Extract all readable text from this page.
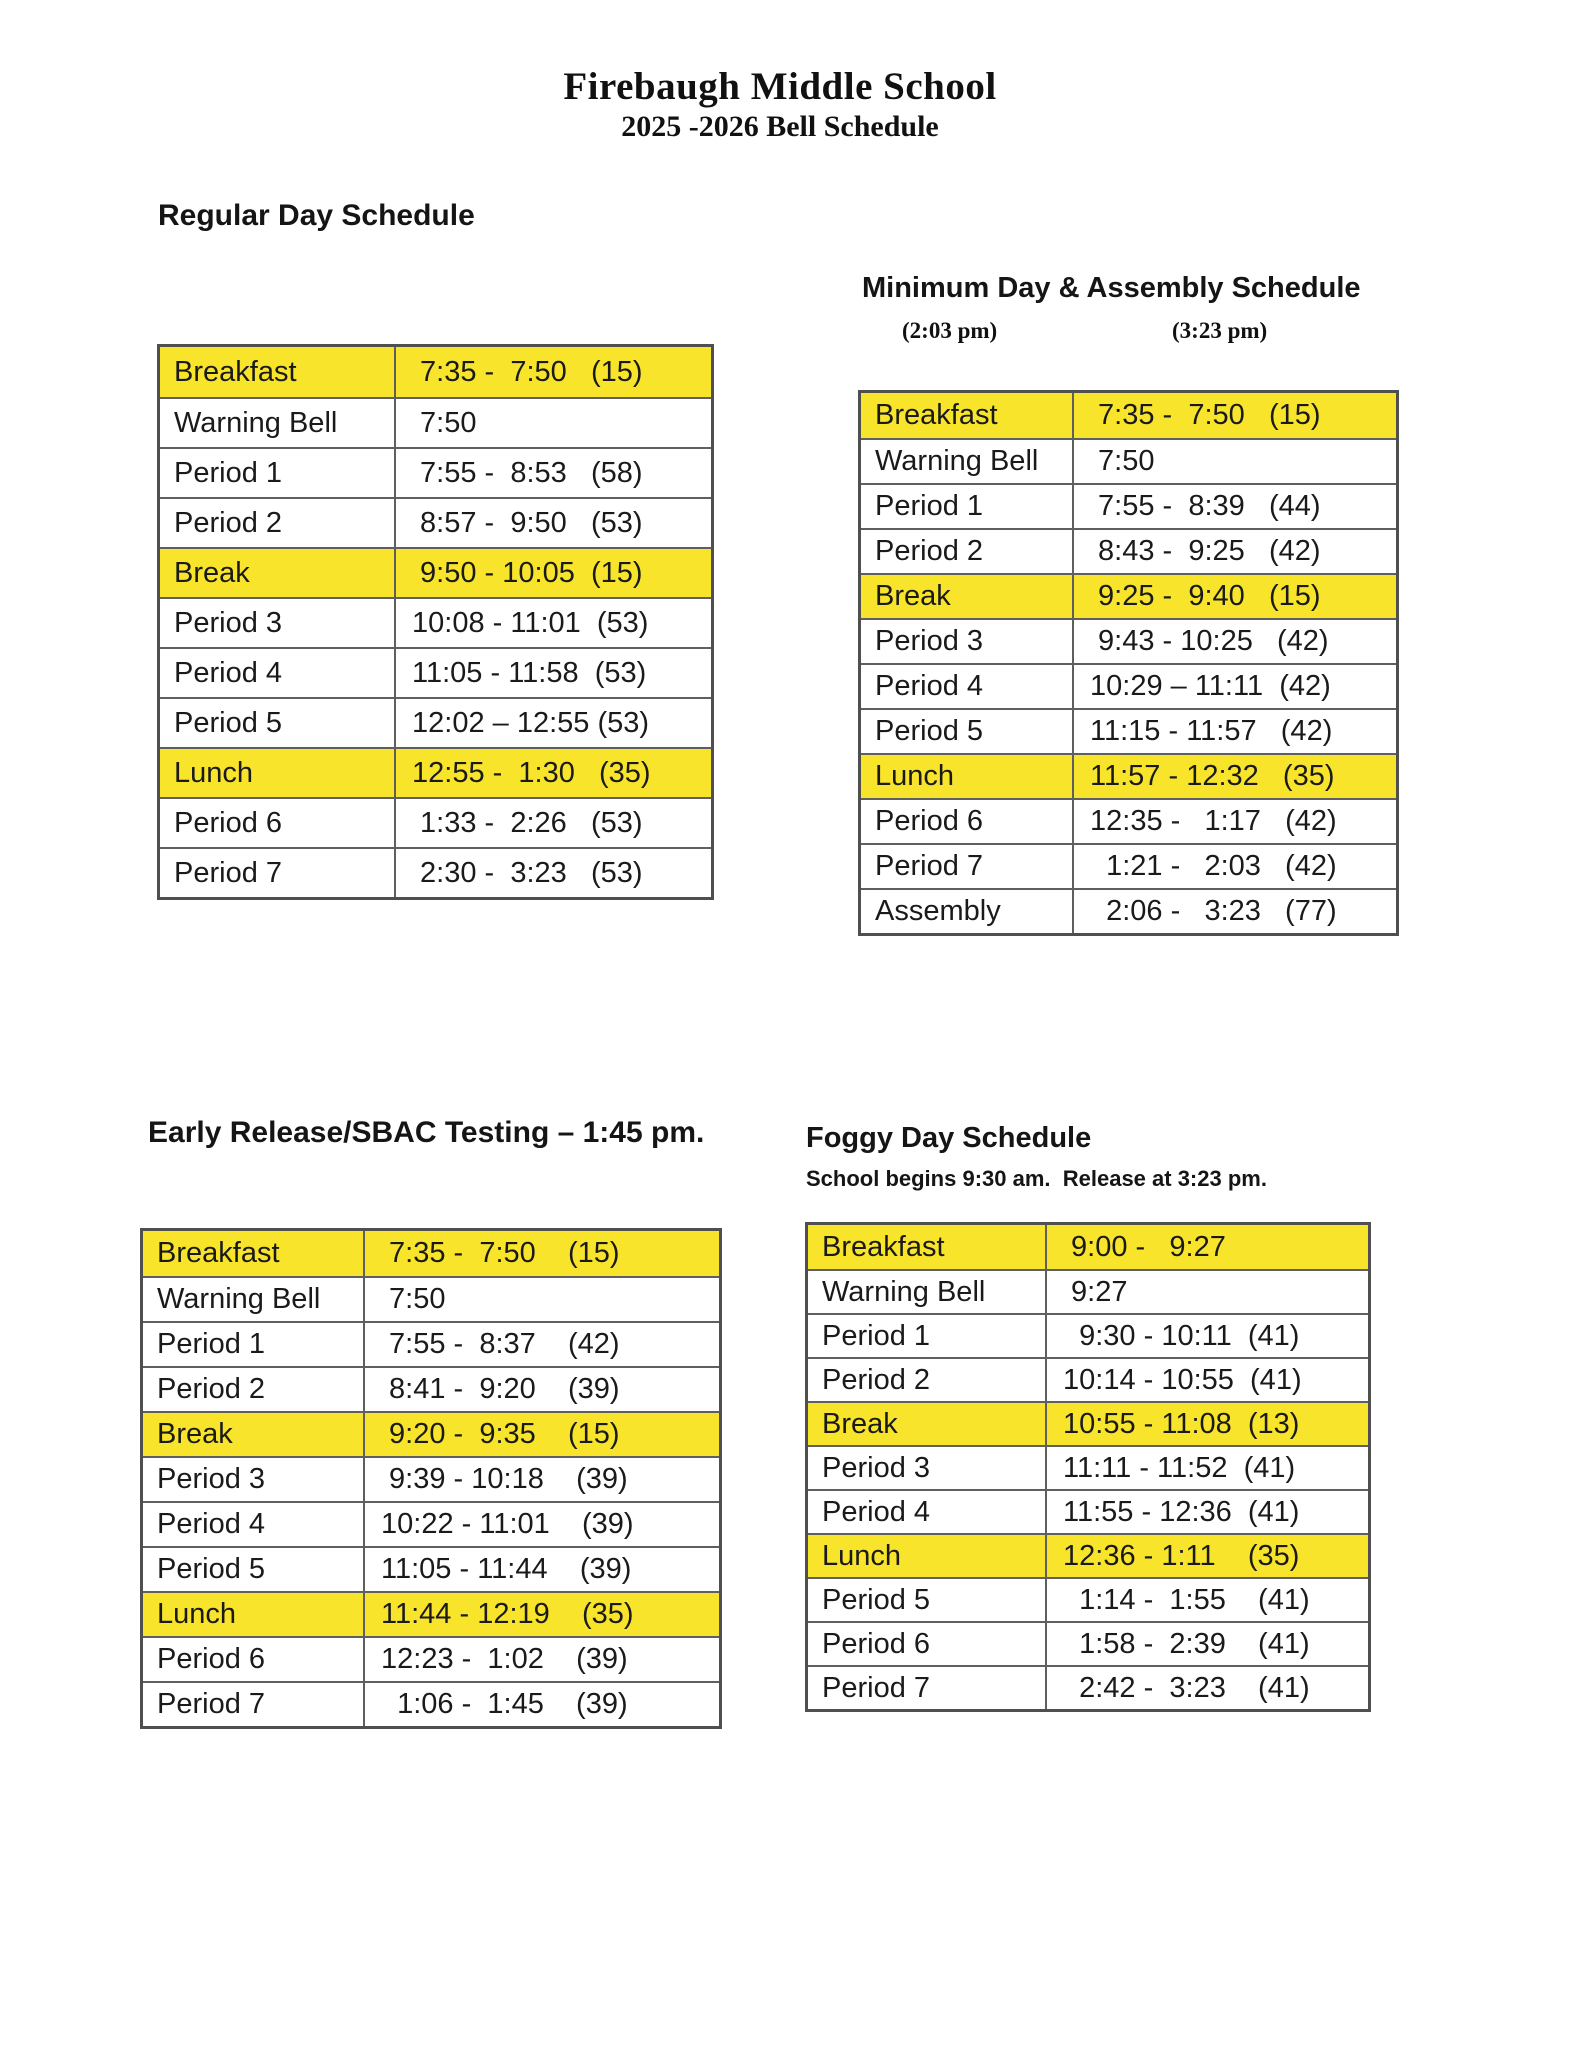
Firebaugh Middle School
2025 -2026 Bell Schedule
Regular Day Schedule
Breakfast	7:35 -  7:50   (15)
Warning Bell	7:50
Period 1	7:55 -  8:53   (58)
Period 2	8:57 -  9:50   (53)
Break	9:50 - 10:05  (15)
Period 3	10:08 - 11:01  (53)
Period 4	11:05 - 11:58  (53)
Period 5	12:02 – 12:55 (53)
Lunch	12:55 -  1:30   (35)
Period 6	1:33 -  2:26   (53)
Period 7	2:30 -  3:23   (53)
Minimum Day & Assembly Schedule
(2:03 pm)	(3:23 pm)
Breakfast	7:35 -  7:50   (15)
Warning Bell	7:50
Period 1	7:55 -  8:39   (44)
Period 2	8:43 -  9:25   (42)
Break	9:25 -  9:40   (15)
Period 3	9:43 - 10:25   (42)
Period 4	10:29 – 11:11  (42)
Period 5	11:15 - 11:57   (42)
Lunch	11:57 - 12:32   (35)
Period 6	12:35 -   1:17   (42)
Period 7	1:21 -   2:03   (42)
Assembly	2:06 -   3:23   (77)
Early Release/SBAC Testing – 1:45 pm.
Breakfast	7:35 -  7:50    (15)
Warning Bell	7:50
Period 1	7:55 -  8:37    (42)
Period 2	8:41 -  9:20    (39)
Break	9:20 -  9:35    (15)
Period 3	9:39 - 10:18    (39)
Period 4	10:22 - 11:01    (39)
Period 5	11:05 - 11:44    (39)
Lunch	11:44 - 12:19    (35)
Period 6	12:23 -  1:02    (39)
Period 7	1:06 -  1:45    (39)
Foggy Day Schedule
School begins 9:30 am.  Release at 3:23 pm.
Breakfast	9:00 -   9:27
Warning Bell	9:27
Period 1	9:30 - 10:11  (41)
Period 2	10:14 - 10:55  (41)
Break	10:55 - 11:08  (13)
Period 3	11:11 - 11:52  (41)
Period 4	11:55 - 12:36  (41)
Lunch	12:36 - 1:11    (35)
Period 5	1:14 -  1:55    (41)
Period 6	1:58 -  2:39    (41)
Period 7	2:42 -  3:23    (41)
